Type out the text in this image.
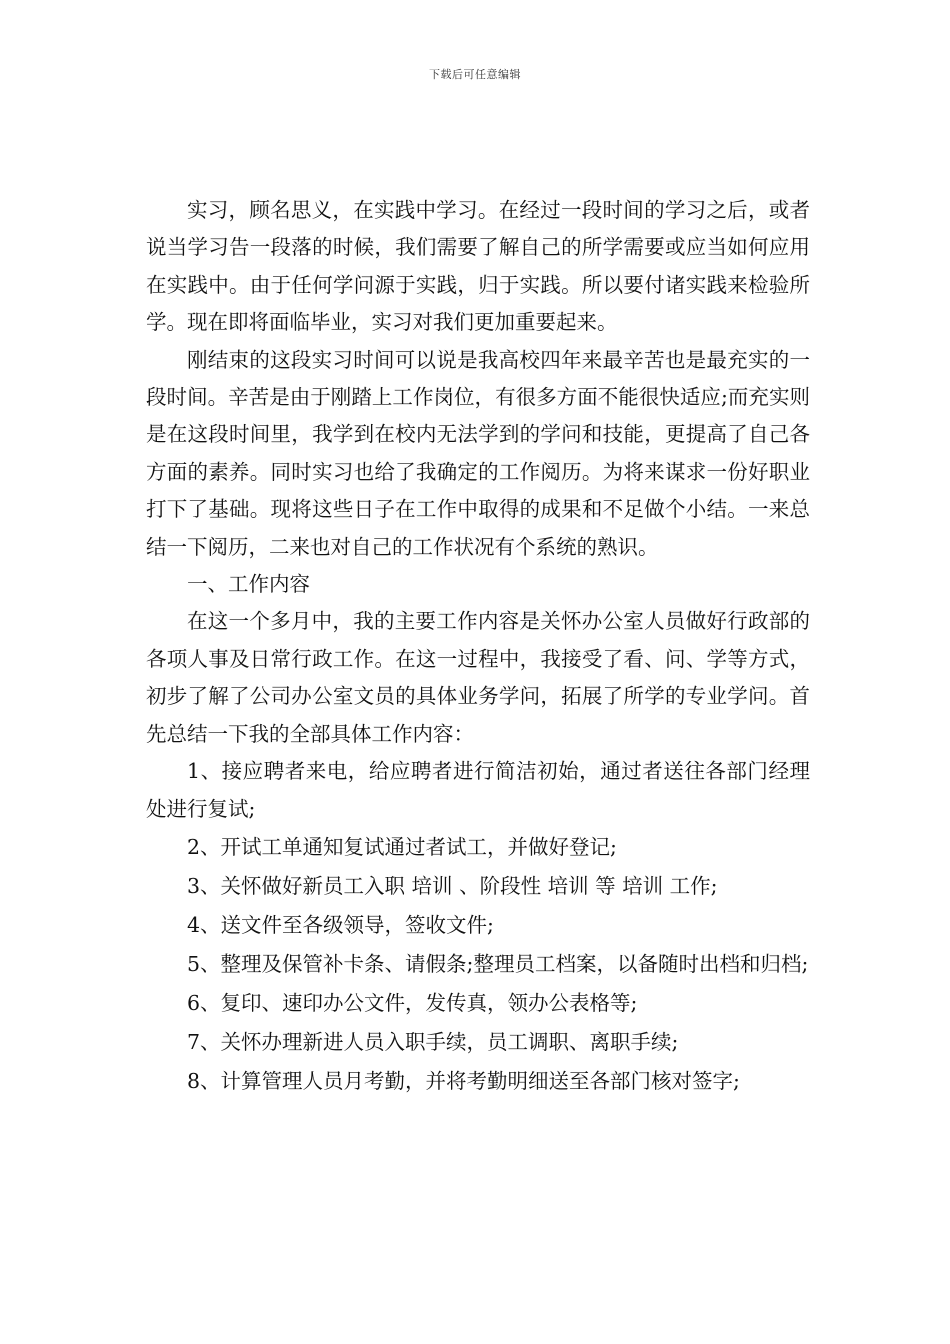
下载后可任意编辑

实习，顾名思义，在实践中学习。在经过一段时间的学习之后，或者说当学习告一段落的时候，我们需要了解自己的所学需要或应当如何应用在实践中。由于任何学问源于实践，归于实践。所以要付诸实践来检验所学。现在即将面临毕业，实习对我们更加重要起来。

刚结束的这段实习时间可以说是我高校四年来最辛苦也是最充实的一段时间。辛苦是由于刚踏上工作岗位，有很多方面不能很快适应;而充实则是在这段时间里，我学到在校内无法学到的学问和技能，更提高了自己各方面的素养。同时实习也给了我确定的工作阅历。为将来谋求一份好职业打下了基础。现将这些日子在工作中取得的成果和不足做个小结。一来总结一下阅历，二来也对自己的工作状况有个系统的熟识。

一、工作内容

在这一个多月中，我的主要工作内容是关怀办公室人员做好行政部的各项人事及日常行政工作。在这一过程中，我接受了看、问、学等方式，初步了解了公司办公室文员的具体业务学问，拓展了所学的专业学问。首先总结一下我的全部具体工作内容：

1、接应聘者来电，给应聘者进行简洁初始，通过者送往各部门经理处进行复试;

2、开试工单通知复试通过者试工，并做好登记;

3、关怀做好新员工入职 培训 、阶段性 培训 等 培训 工作;

4、送文件至各级领导，签收文件;

5、整理及保管补卡条、请假条;整理员工档案，以备随时出档和归档;

6、复印、速印办公文件，发传真，领办公表格等;

7、关怀办理新进人员入职手续，员工调职、离职手续;

8、计算管理人员月考勤，并将考勤明细送至各部门核对签字;
